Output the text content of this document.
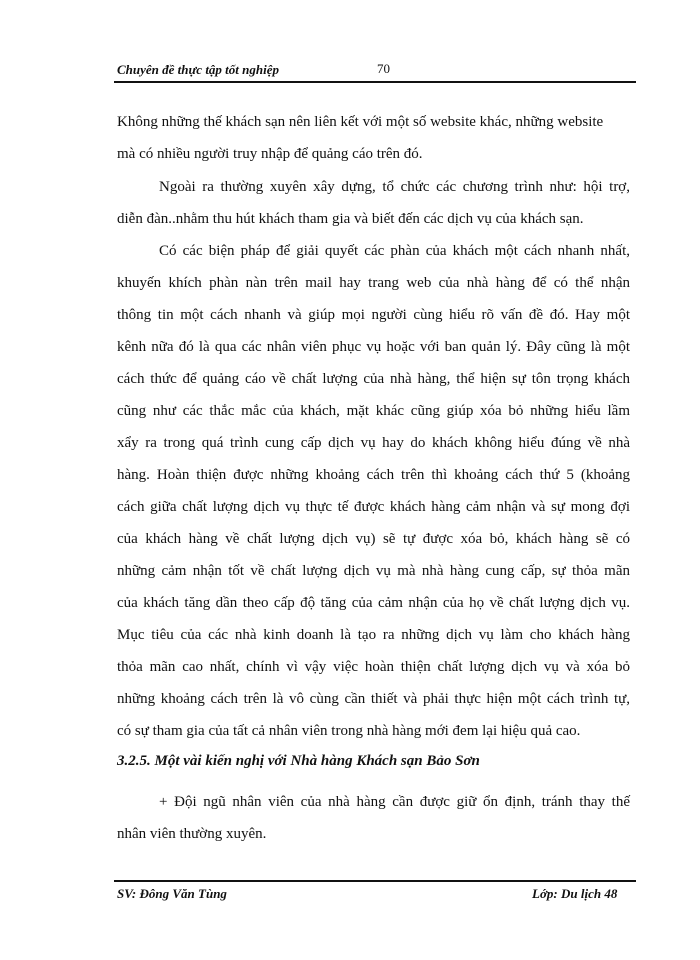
Chuyên đề thực tập tốt nghiệp	70
Không những thế khách sạn nên liên kết với một số website khác, những website
mà có nhiều người truy nhập để quảng cáo trên đó.
Ngoài ra thường xuyên xây dựng, tổ chức các chương trình như: hội trợ,
diễn đàn..nhằm thu hút khách tham gia và biết đến các dịch vụ của khách sạn.
Có các biện pháp để giải quyết các phàn của khách một cách nhanh nhất,
khuyến khích phàn nàn trên mail hay trang web của nhà hàng để có thể nhận
thông tin một cách nhanh và giúp mọi người cùng hiểu rõ vấn đề đó. Hay một
kênh nữa đó là qua các nhân viên phục vụ hoặc với ban quản lý. Đây cũng là một
cách thức để quảng cáo về chất lượng của nhà hàng, thể hiện sự tôn trọng khách
cũng như các thắc mắc của khách, mặt khác cũng giúp xóa bỏ những hiểu lầm
xẩy ra trong quá trình cung cấp dịch vụ hay do khách không hiểu đúng về nhà
hàng. Hoàn thiện được những khoảng cách trên thì khoảng cách thứ 5 (khoảng
cách giữa chất lượng dịch vụ thực tế được khách hàng cảm nhận và sự mong đợi
của khách hàng về chất lượng dịch vụ) sẽ tự được xóa bỏ, khách hàng sẽ có
những cảm nhận tốt về chất lượng dịch vụ mà nhà hàng cung cấp, sự thỏa mãn
của khách tăng dần theo cấp độ tăng của cảm nhận của họ về chất lượng dịch vụ.
Mục tiêu của các nhà kinh doanh là tạo ra những dịch vụ làm cho khách hàng
thỏa mãn cao nhất, chính vì vậy việc hoàn thiện chất lượng dịch vụ và xóa bỏ
những khoảng cách trên là vô cùng cần thiết và phải thực hiện một cách trình tự,
có sự tham gia của tất cả nhân viên trong nhà hàng mới đem lại hiệu quả cao.
3.2.5. Một vài kiến nghị với Nhà hàng Khách sạn Bảo Sơn
+ Đội ngũ nhân viên của nhà hàng cần được giữ ổn định, tránh thay thế
nhân viên thường xuyên.
SV: Đông Văn Tùng	Lớp: Du lịch 48
